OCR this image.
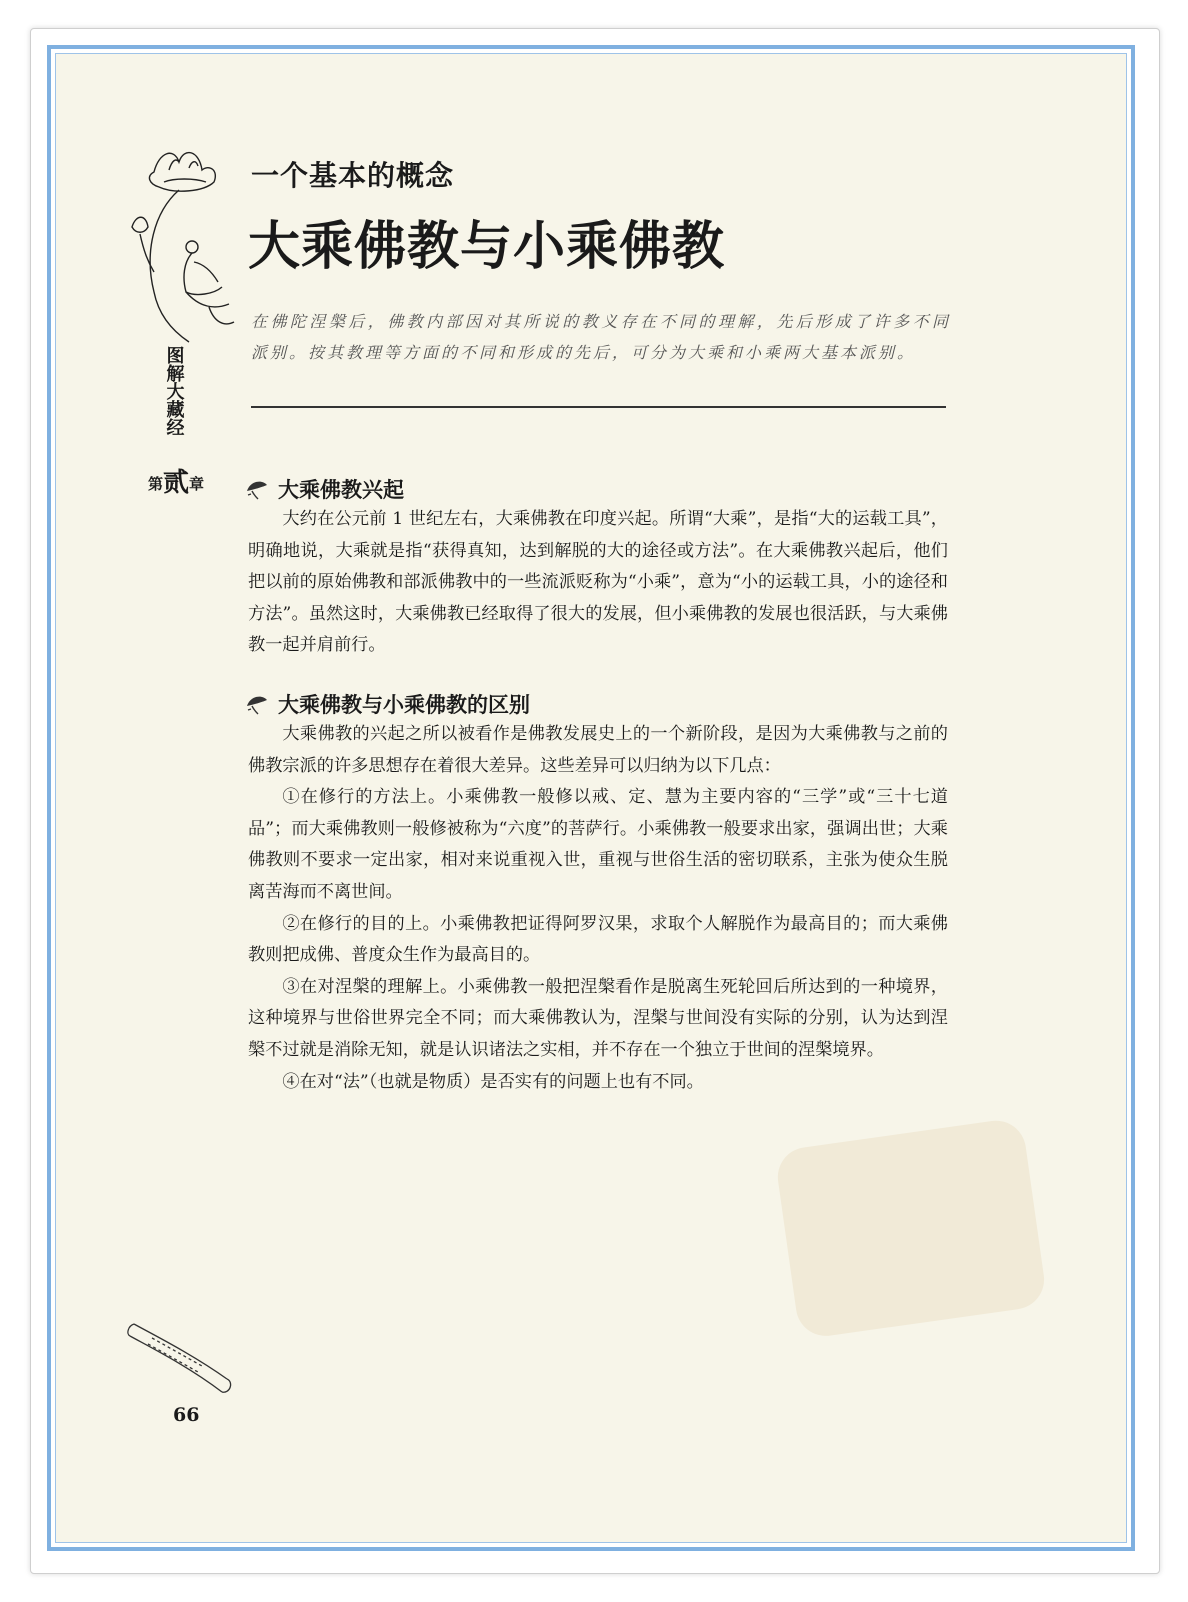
图解大藏经
第贰章
一个基本的概念
大乘佛教与小乘佛教
在佛陀涅槃后，佛教内部因对其所说的教义存在不同的理解，先后形成了许多不同派别。按其教理等方面的不同和形成的先后，可分为大乘和小乘两大基本派别。
大乘佛教兴起

大约在公元前 1 世纪左右，大乘佛教在印度兴起。所谓“大乘”，是指“大的运载工具”，明确地说，大乘就是指“获得真知，达到解脱的大的途径或方法”。在大乘佛教兴起后，他们把以前的原始佛教和部派佛教中的一些流派贬称为“小乘”，意为“小的运载工具，小的途径和方法”。虽然这时，大乘佛教已经取得了很大的发展，但小乘佛教的发展也很活跃，与大乘佛教一起并肩前行。

大乘佛教与小乘佛教的区别

大乘佛教的兴起之所以被看作是佛教发展史上的一个新阶段，是因为大乘佛教与之前的佛教宗派的许多思想存在着很大差异。这些差异可以归纳为以下几点：

①在修行的方法上。小乘佛教一般修以戒、定、慧为主要内容的“三学”或“三十七道品”；而大乘佛教则一般修被称为“六度”的菩萨行。小乘佛教一般要求出家，强调出世；大乘佛教则不要求一定出家，相对来说重视入世，重视与世俗生活的密切联系，主张为使众生脱离苦海而不离世间。

②在修行的目的上。小乘佛教把证得阿罗汉果，求取个人解脱作为最高目的；而大乘佛教则把成佛、普度众生作为最高目的。

③在对涅槃的理解上。小乘佛教一般把涅槃看作是脱离生死轮回后所达到的一种境界，这种境界与世俗世界完全不同；而大乘佛教认为，涅槃与世间没有实际的分别，认为达到涅槃不过就是消除无知，就是认识诸法之实相，并不存在一个独立于世间的涅槃境界。

④在对“法”（也就是物质）是否实有的问题上也有不同。

66
